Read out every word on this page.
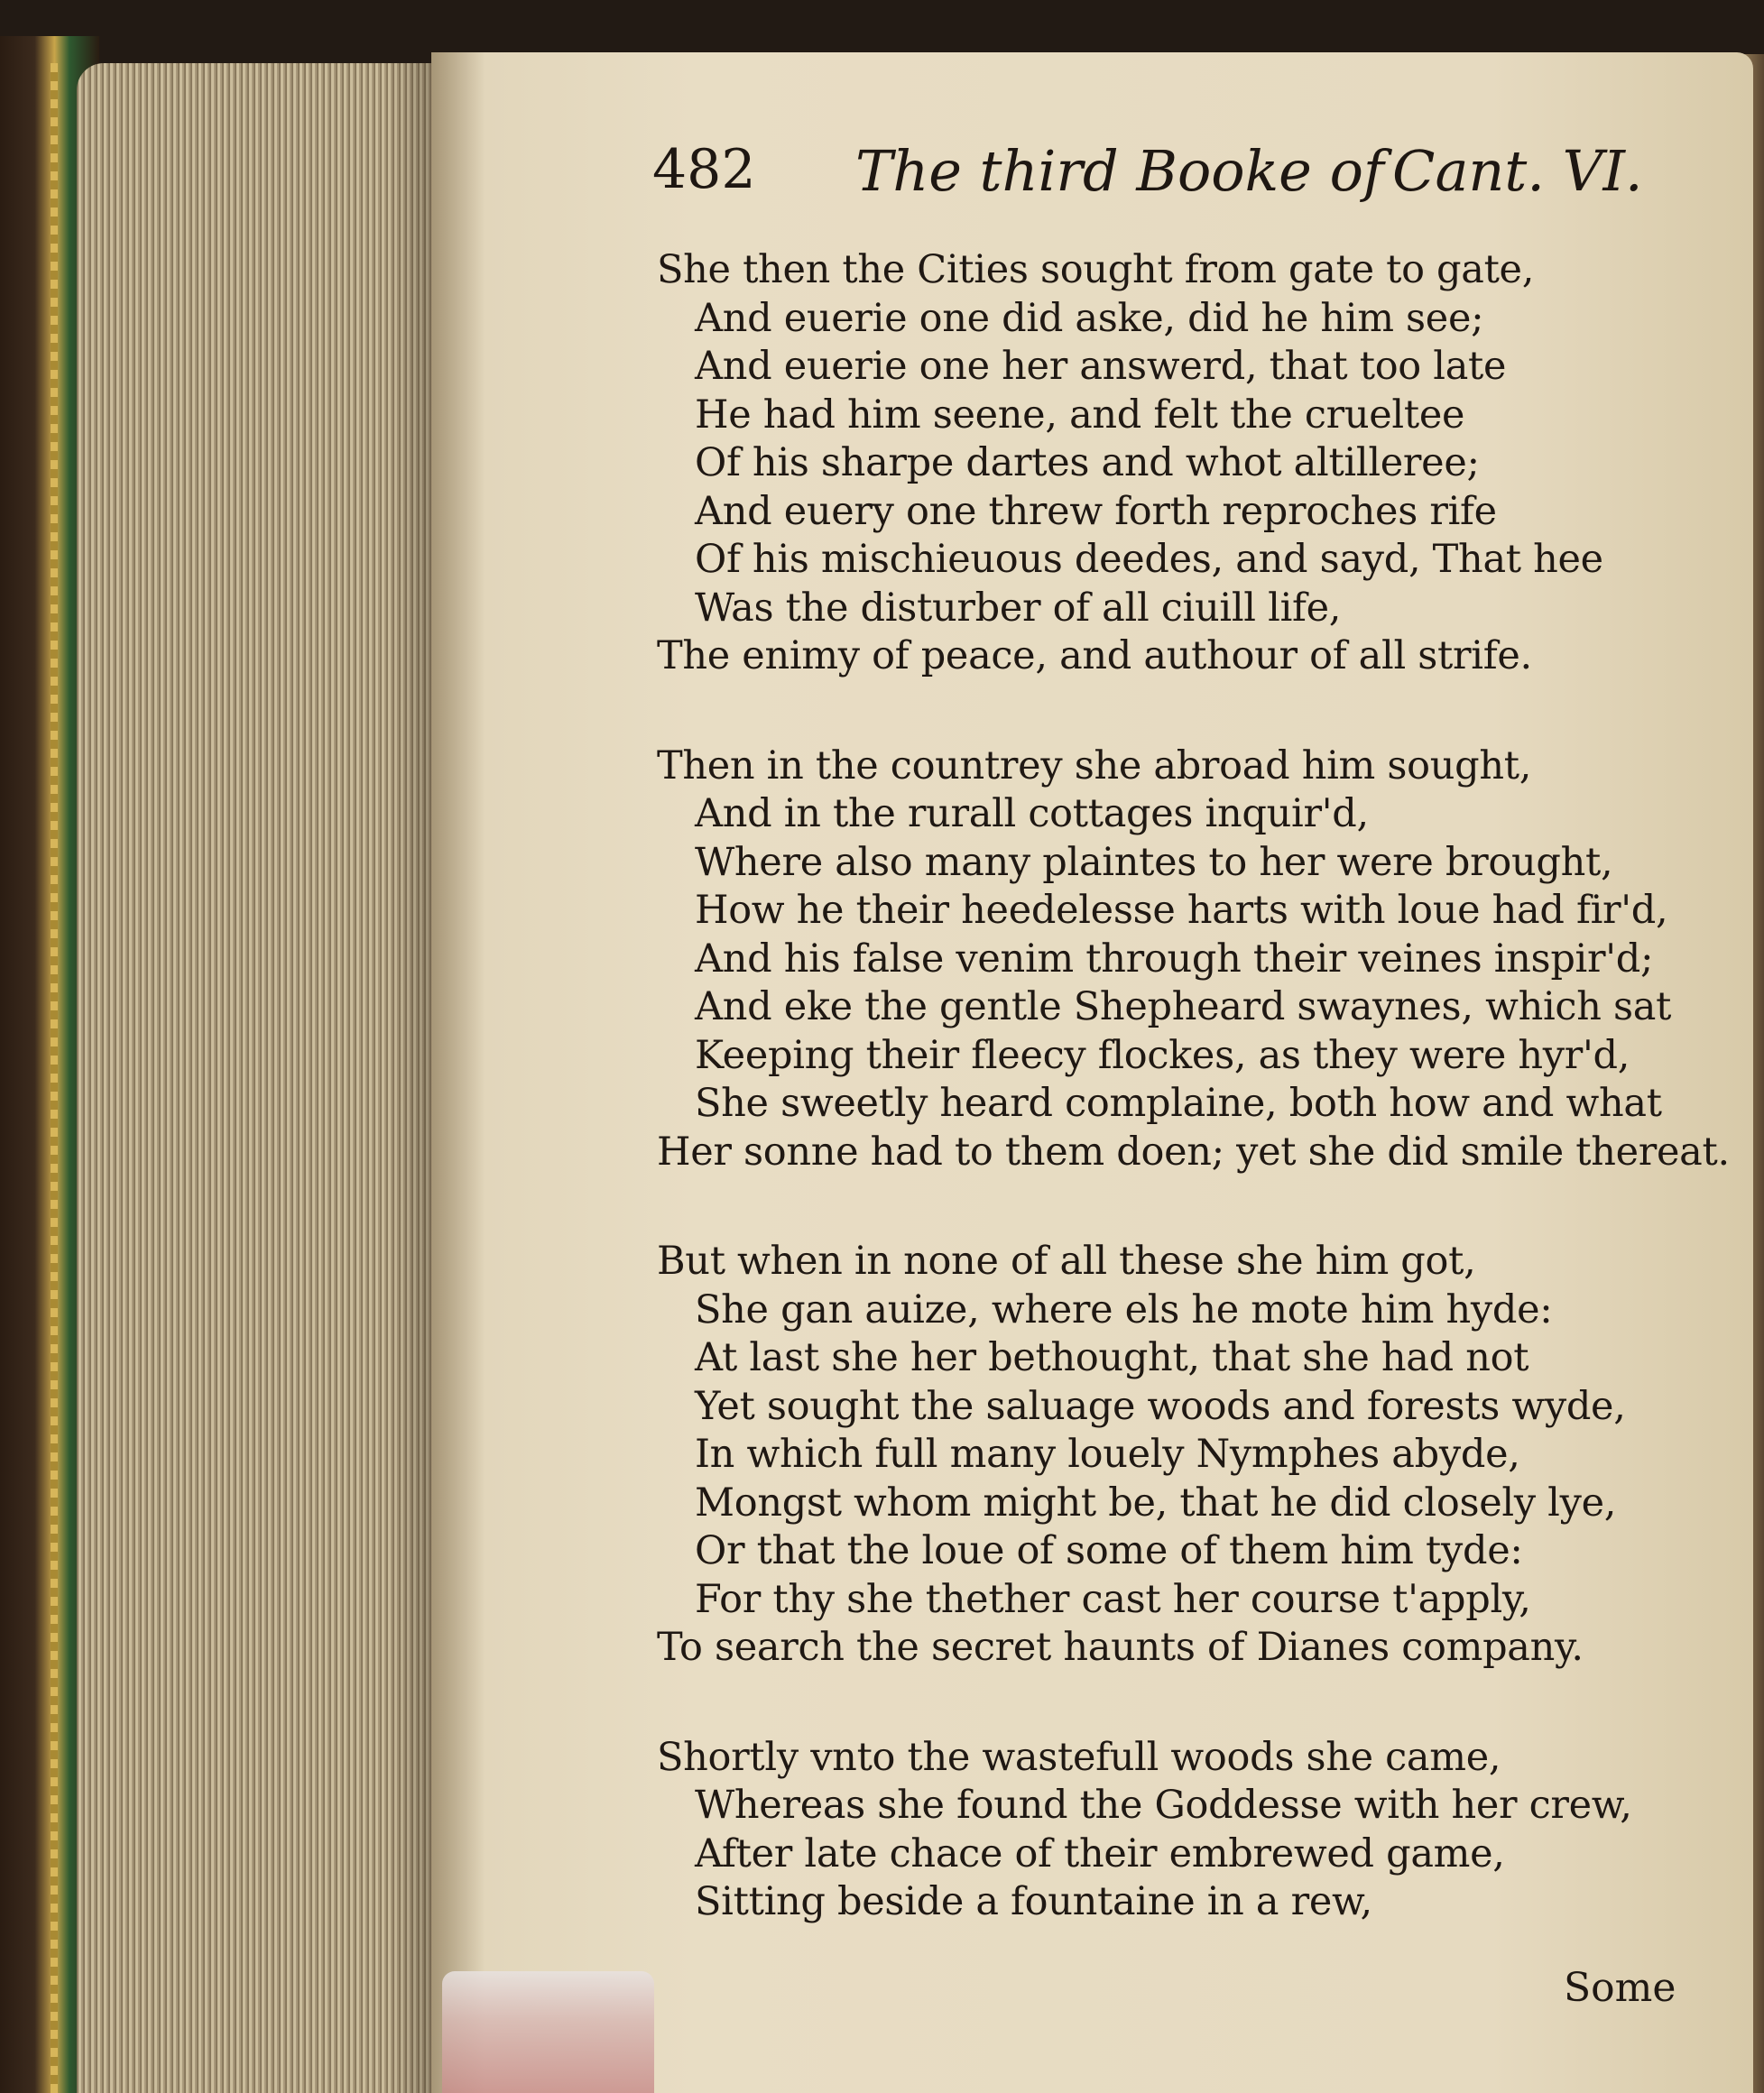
482 The third Booke of Cant. VI.
She then the Cities sought from gate to gate,
And euerie one did aske, did he him see;
And euerie one her answerd, that too late
He had him seene, and felt the crueltee
Of his sharpe dartes and whot altilleree;
And euery one threw forth reproches rife
Of his mischieuous deedes, and sayd, That hee
Was the disturber of all ciuill life,
The enimy of peace, and authour of all strife.
Then in the countrey she abroad him sought,
And in the rurall cottages inquir'd,
Where also many plaintes to her were brought,
How he their heedelesse harts with loue had fir'd,
And his false venim through their veines inspir'd;
And eke the gentle Shepheard swaynes, which sat
Keeping their fleecy flockes, as they were hyr'd,
She sweetly heard complaine, both how and what
Her sonne had to them doen; yet she did smile thereat.
But when in none of all these she him got,
She gan auize, where els he mote him hyde:
At last she her bethought, that she had not
Yet sought the saluage woods and forests wyde,
In which full many louely Nymphes abyde,
Mongst whom might be, that he did closely lye,
Or that the loue of some of them him tyde:
For thy she thether cast her course t'apply,
To search the secret haunts of Dianes company.
Shortly vnto the wastefull woods she came,
Whereas she found the Goddesse with her crew,
After late chace of their embrewed game,
Sitting beside a fountaine in a rew,
Some
